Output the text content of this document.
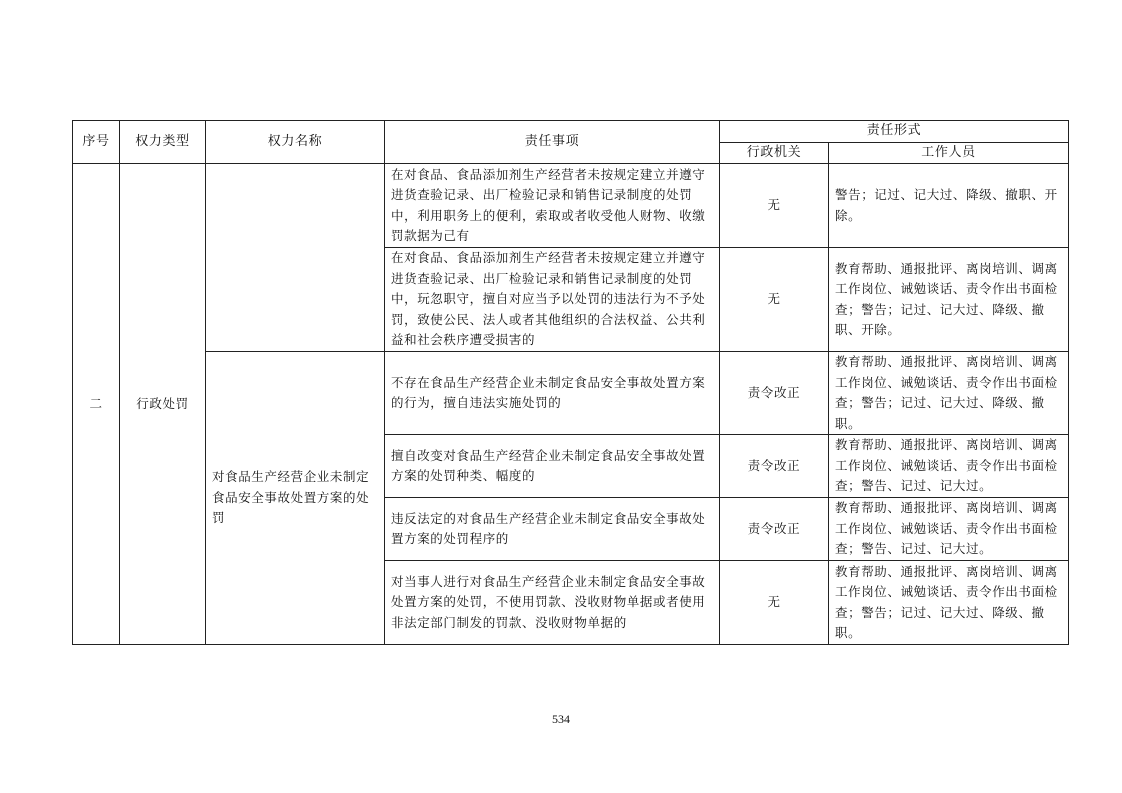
序号	权力类型	权力名称	责任事项	责任形式	
				行政机关	工作人员
二	行政处罚		在对食品、食品添加剂生产经营者未按规定建立并遵守进货查验记录、出厂检验记录和销售记录制度的处罚中，利用职务上的便利，索取或者收受他人财物、收缴罚款据为己有	无	警告；记过、记大过、降级、撤职、开除。
			在对食品、食品添加剂生产经营者未按规定建立并遵守进货查验记录、出厂检验记录和销售记录制度的处罚中，玩忽职守，擅自对应当予以处罚的违法行为不予处罚，致使公民、法人或者其他组织的合法权益、公共利益和社会秩序遭受损害的	无	教育帮助、通报批评、离岗培训、调离工作岗位、诫勉谈话、责令作出书面检查；警告；记过、记大过、降级、撤职、开除。
		对食品生产经营企业未制定食品安全事故处置方案的处罚	不存在食品生产经营企业未制定食品安全事故处置方案的行为，擅自违法实施处罚的	责令改正	教育帮助、通报批评、离岗培训、调离工作岗位、诫勉谈话、责令作出书面检查；警告；记过、记大过、降级、撤职。
			擅自改变对食品生产经营企业未制定食品安全事故处置方案的处罚种类、幅度的	责令改正	教育帮助、通报批评、离岗培训、调离工作岗位、诫勉谈话、责令作出书面检查；警告、记过、记大过。
			违反法定的对食品生产经营企业未制定食品安全事故处置方案的处罚程序的	责令改正	教育帮助、通报批评、离岗培训、调离工作岗位、诫勉谈话、责令作出书面检查；警告、记过、记大过。
			对当事人进行对食品生产经营企业未制定食品安全事故处置方案的处罚，不使用罚款、没收财物单据或者使用非法定部门制发的罚款、没收财物单据的	无	教育帮助、通报批评、离岗培训、调离工作岗位、诫勉谈话、责令作出书面检查；警告；记过、记大过、降级、撤职。
534
